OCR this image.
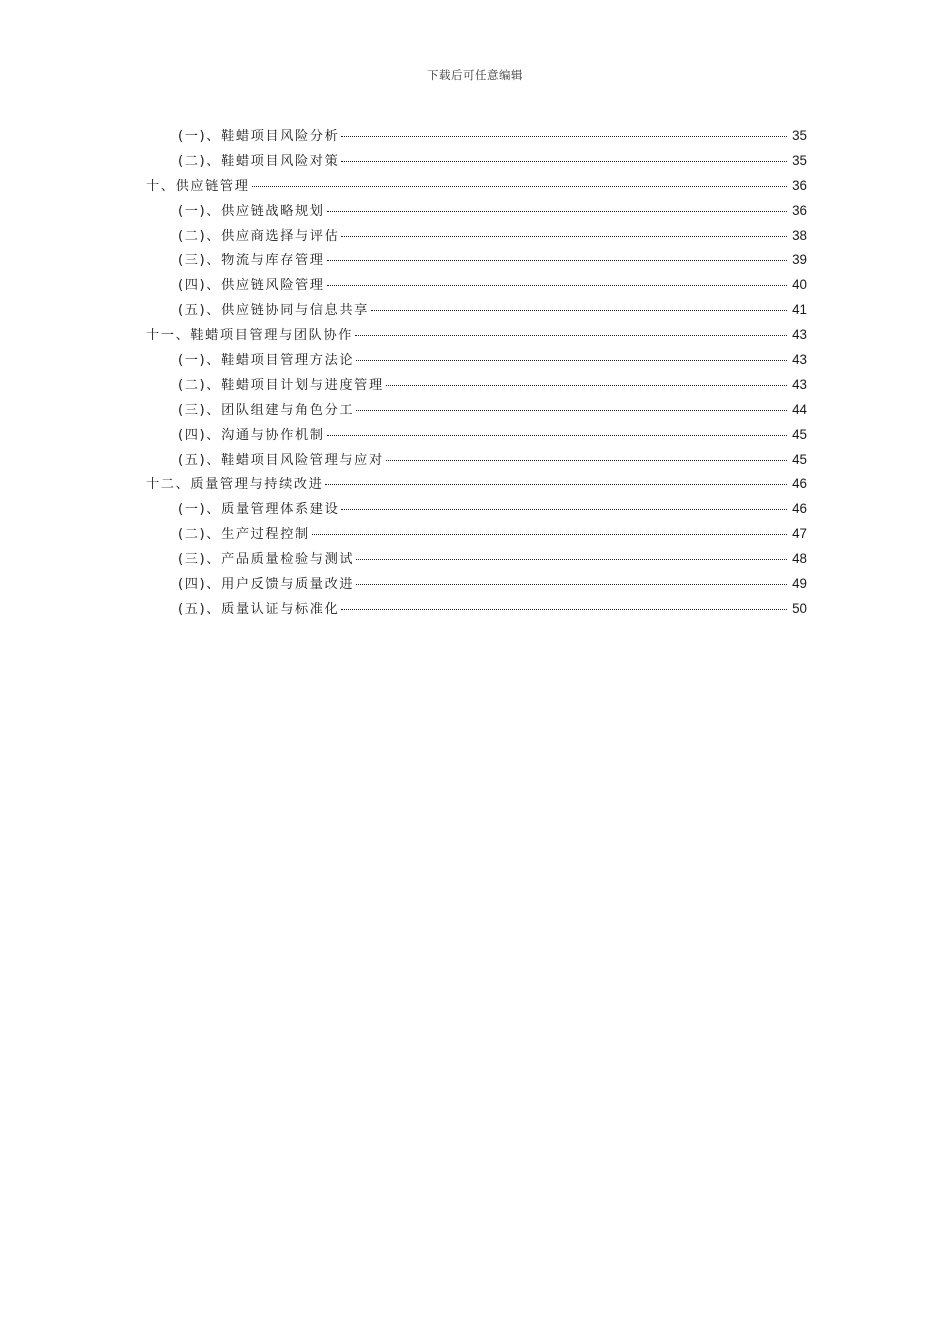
下载后可任意编辑
(一)、鞋蜡项目风险分析	35
(二)、鞋蜡项目风险对策	35
十、供应链管理	36
(一)、供应链战略规划	36
(二)、供应商选择与评估	38
(三)、物流与库存管理	39
(四)、供应链风险管理	40
(五)、供应链协同与信息共享	41
十一、鞋蜡项目管理与团队协作	43
(一)、鞋蜡项目管理方法论	43
(二)、鞋蜡项目计划与进度管理	43
(三)、团队组建与角色分工	44
(四)、沟通与协作机制	45
(五)、鞋蜡项目风险管理与应对	45
十二、质量管理与持续改进	46
(一)、质量管理体系建设	46
(二)、生产过程控制	47
(三)、产品质量检验与测试	48
(四)、用户反馈与质量改进	49
(五)、质量认证与标准化	50
